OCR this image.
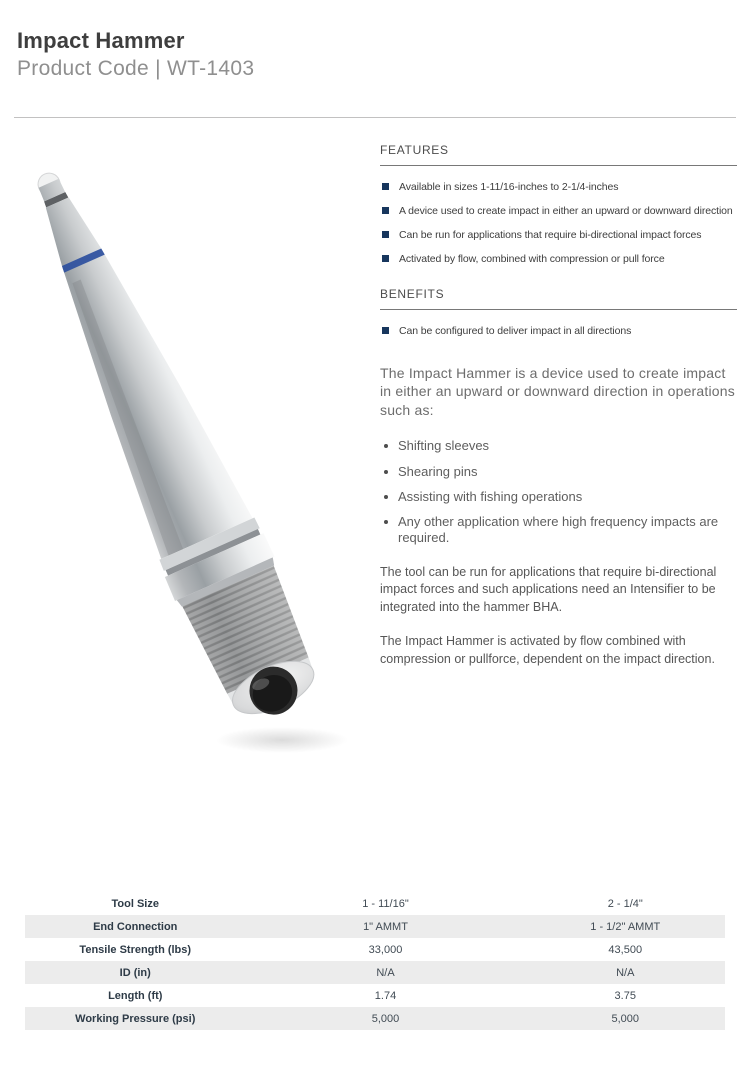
Impact Hammer
Product Code | WT-1403
FEATURES
Available in sizes 1-11/16-inches to 2-1/4-inches
A device used to create impact in either an upward or downward direction
Can be run for applications that require bi-directional impact forces
Activated by flow, combined with compression or pull force
BENEFITS
Can be configured to deliver impact in all directions
The Impact Hammer is a device used to create impact in either an upward or downward direction in operations such as:
Shifting sleeves
Shearing pins
Assisting with fishing operations
Any other application where high frequency impacts are required.
The tool can be run for applications that require bi-directional impact forces and such applications need an Intensifier to be integrated into the hammer BHA.
The Impact Hammer is activated by flow combined with compression or pullforce, dependent on the impact direction.
Tool Size	1 - 11/16"	2 - 1/4"
End Connection	1" AMMT	1 - 1/2" AMMT
Tensile Strength (lbs)	33,000	43,500
ID (in)	N/A	N/A
Length (ft)	1.74	3.75
Working Pressure (psi)	5,000	5,000
